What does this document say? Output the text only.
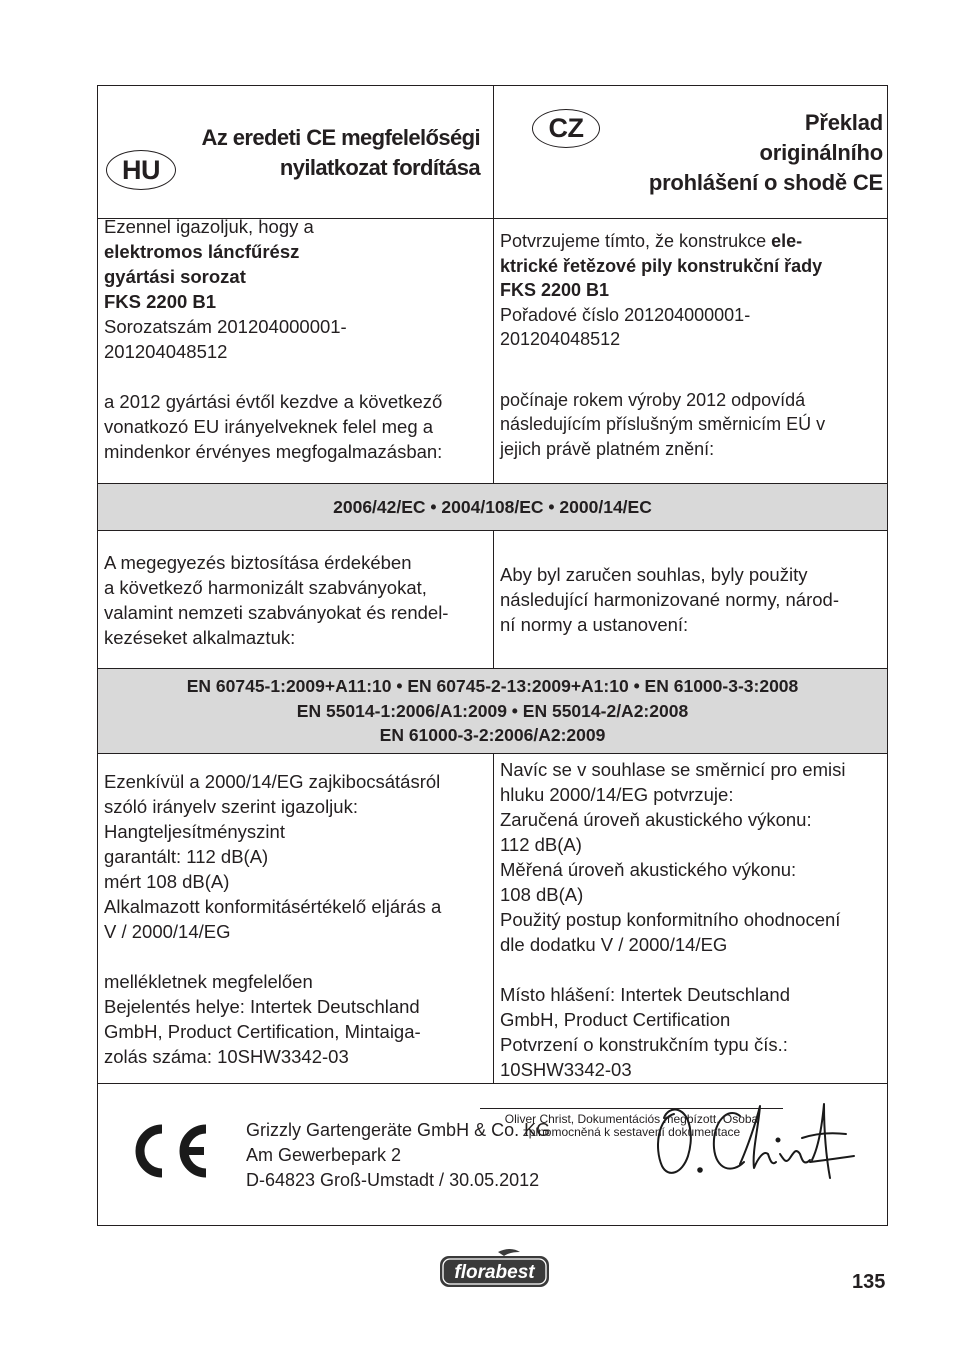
2006/42/EC • 2004/108/EC • 2000/14/EC
EN 60745-1:2009+A11:10 • EN 60745-2-13:2009+A1:10 • EN 61000-3-3:2008
EN 55014-1:2006/A1:2009 • EN 55014-2/A2:2008
EN 61000-3-2:2006/A2:2009
HU
Az eredeti CE megfelelőségi
nyilatkozat fordítása
CZ	Překlad
originálního
prohlášení o shodě CE

Ezennel igazoljuk, hogy a

elektromos láncfűrész

gyártási sorozat

FKS 2200 B1

Sorozatszám 201204000001-

201204048512

a 2012 gyártási évtől kezdve a következő

vonatkozó EU irányelveknek felel meg a

mindenkor érvényes megfogalmazásban:

Potvrzujeme tímto, že konstrukce ele-

ktrické řetězové pily konstrukční řady

FKS 2200 B1

Pořadové číslo 201204000001-

201204048512

počínaje rokem výroby 2012 odpovídá

následujícím příslušným směrnicím EÚ v

jejich právě platném znění:

A megegyezés biztosítása érdekében

a következő harmonizált szabványokat,

valamint nemzeti szabványokat és rendel-

kezéseket alkalmaztuk:

Aby byl zaručen souhlas, byly použity

následující harmonizované normy, národ-

ní normy a ustanovení:

Ezenkívül a 2000/14/EG zajkibocsátásról

szóló irányelv szerint igazoljuk:

Hangteljesítményszint

garantált: 112 dB(A)

mért 108 dB(A)

Alkalmazott konformitásértékelő eljárás a

V / 2000/14/EG

mellékletnek megfelelően

Bejelentés helye: Intertek Deutschland

GmbH, Product Certification, Mintaiga-

zolás száma: 10SHW3342-03

Navíc se v souhlase se směrnicí pro emisi

hluku 2000/14/EG potvrzuje:

Zaručená úroveň akustického výkonu:

112 dB(A)

Měřená úroveň akustického výkonu:

108 dB(A)

Použitý postup konformitního ohodnocení

dle dodatku V / 2000/14/EG

Místo hlášení: Intertek Deutschland

GmbH, Product Certification

Potvrzení o konstrukčním typu čís.:

10SHW3342-03

Grizzly Gartengeräte GmbH & Co. KG

Am Gewerbepark 2

D-64823 Groß-Umstadt / 30.05.2012

Oliver Christ, Dokumentációs megbízott, Osoba
zplnomocněná k sestavení dokumentace
florabest	135
